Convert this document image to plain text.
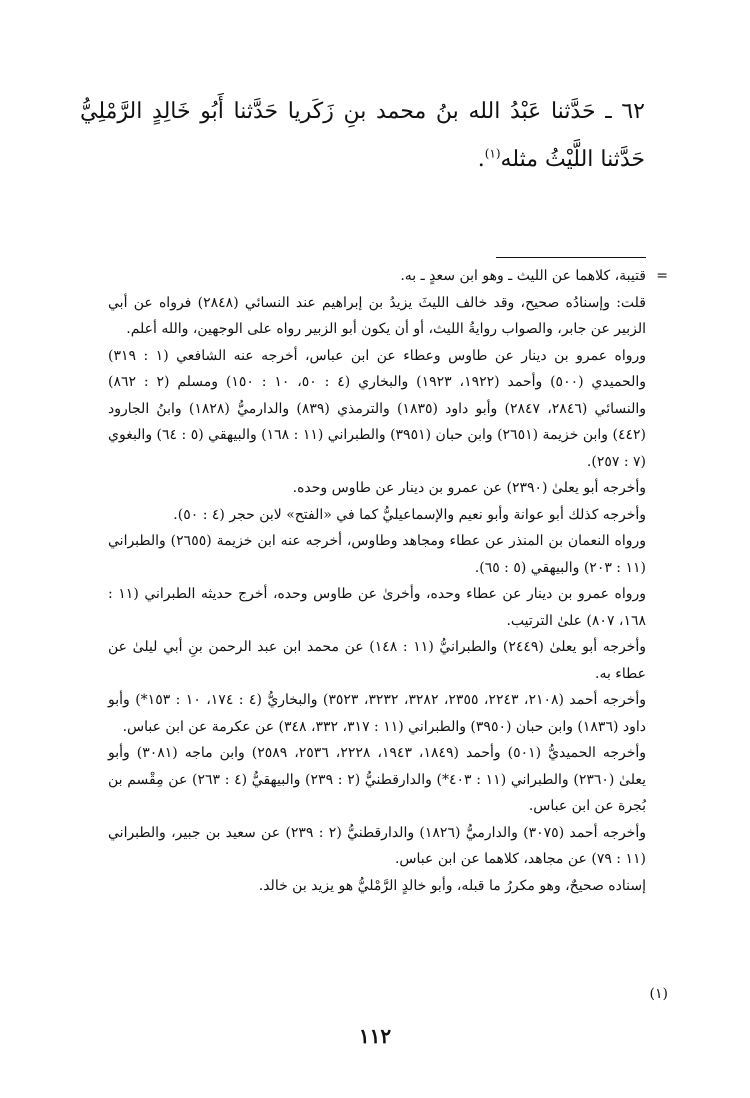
٦٢ ـ حَدَّثنا عَبْدُ الله بنُ محمد بنِ زَكَريا حَدَّثنا أَبُو خَالِدٍ الرَّمْلِيُّ حَدَّثنا اللَّيْثُ مثله$^{(١)}$.
=

قتيبة، كلاهما عن الليث ـ وهو ابن سعدٍ ـ به.

قلت: وإسنادُه صحيح، وقد خالف الليثَ يزيدُ بن إبراهيم عند النسائي (٢٨٤٨) فرواه عن أبي الزبير عن جابر، والصواب روايةُ الليث، أو أن يكون أبو الزبير رواه على الوجهين، والله أعلم.

ورواه عمرو بن دينار عن طاوس وعطاء عن ابن عباس، أخرجه عنه الشافعي (١ : ٣١٩) والحميدي (٥٠٠) وأحمد (١٩٢٢، ١٩٢٣) والبخاري (٤ : ٥٠، ١٠ : ١٥٠) ومسلم (٢ : ٨٦٢) والنسائي (٢٨٤٦، ٢٨٤٧) وأبو داود (١٨٣٥) والترمذي (٨٣٩) والدارميُّ (١٨٢٨) وابنُ الجارود (٤٤٢) وابن خزيمة (٢٦٥١) وابن حبان (٣٩٥١) والطبراني (١١ : ١٦٨) والبيهقي (٥ : ٦٤) والبغوي (٧ : ٢٥٧).

وأخرجه أبو يعلىٰ (٢٣٩٠) عن عمرو بن دينار عن طاوس وحده.

وأخرجه كذلك أبو عوانة وأبو نعيم والإسماعيليُّ كما في «الفتح» لابن حجر (٤ : ٥٠).

ورواه النعمان بن المنذر عن عطاء ومجاهد وطاوس، أخرجه عنه ابن خزيمة (٢٦٥٥) والطبراني (١١ : ٢٠٣) والبيهقي (٥ : ٦٥).

ورواه عمرو بن دينار عن عطاء وحده، وأخرىٰ عن طاوس وحده، أخرج حديثه الطبراني (١١ : ١٦٨، ٨٠٧) علىٰ الترتيب.

وأخرجه أبو يعلىٰ (٢٤٤٩) والطبرانيُّ (١١ : ١٤٨) عن محمد ابن عبد الرحمن بنِ أبي ليلىٰ عن عطاء به.

وأخرجه أحمد (٢١٠٨، ٢٢٤٣، ٢٣٥٥، ٣٢٨٢، ٣٢٣٢، ٣٥٢٣) والبخاريُّ (٤ : ١٧٤، ١٠ : ١٥٣*) وأبو داود (١٨٣٦) وابن حبان (٣٩٥٠) والطبراني (١١ : ٣١٧، ٣٣٢، ٣٤٨) عن عكرمة عن ابن عباس.

وأخرجه الحميديُّ (٥٠١) وأحمد (١٨٤٩، ١٩٤٣، ٢٢٢٨، ٢٥٣٦، ٢٥٨٩) وابن ماجه (٣٠٨١) وأبو يعلىٰ (٢٣٦٠) والطبراني (١١ : ٤٠٣*) والدارقطنيُّ (٢ : ٢٣٩) والبيهقيُّ (٤ : ٢٦٣) عن مِقْسم بن بُجرة عن ابن عباس.

وأخرجه أحمد (٣٠٧٥) والدارميُّ (١٨٢٦) والدارقطنيُّ (٢ : ٢٣٩) عن سعيد بن جبير، والطبراني (١١ : ٧٩) عن مجاهد، كلاهما عن ابن عباس.

إسناده صحيحٌ، وهو مكررُ ما قبله، وأبو خالدٍ الرَّمْليُّ هو يزيد بن خالد.

(١)
١١٢
